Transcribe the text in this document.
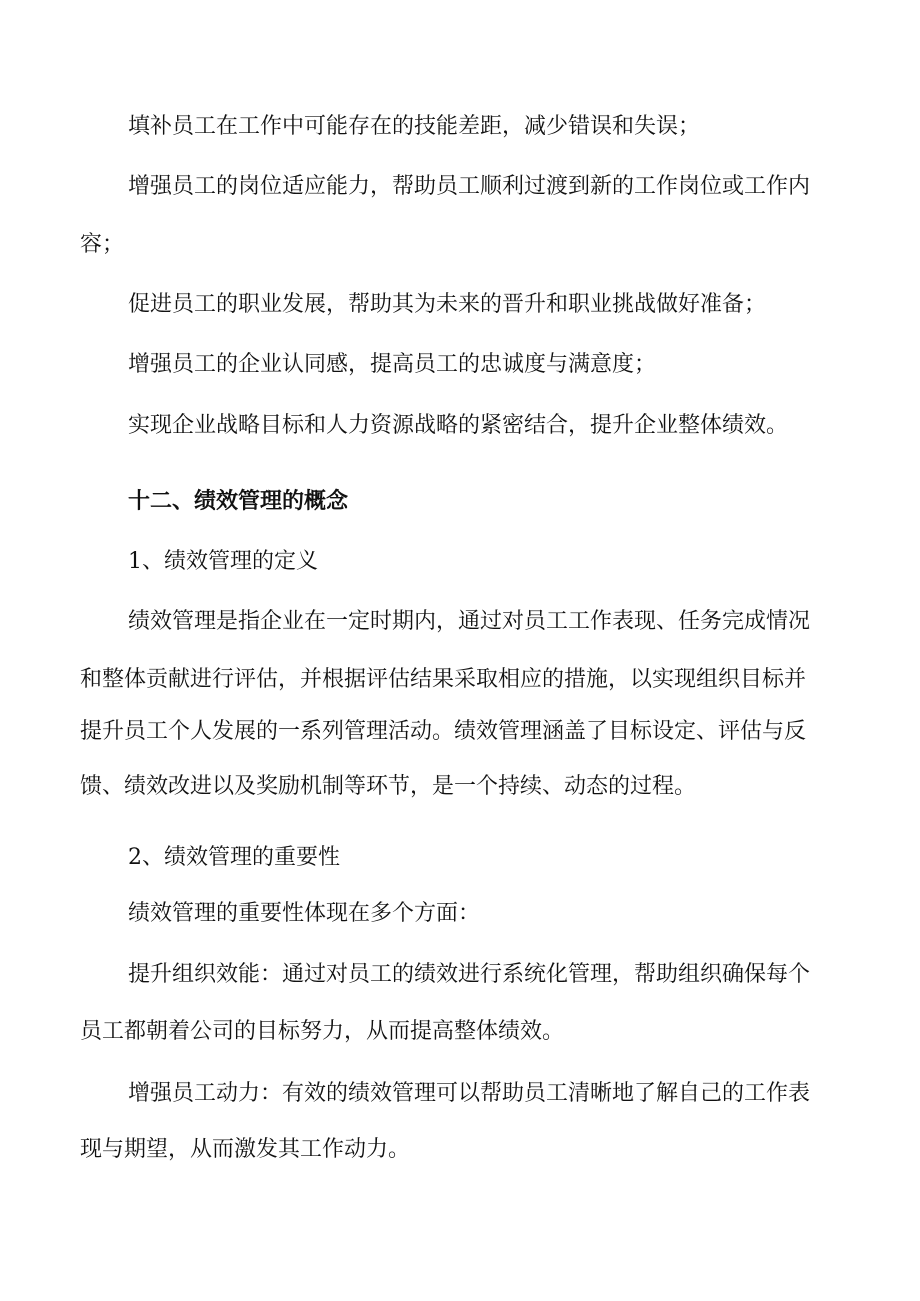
填补员工在工作中可能存在的技能差距，减少错误和失误；

增强员工的岗位适应能力，帮助员工顺利过渡到新的工作岗位或工作内

容；

促进员工的职业发展，帮助其为未来的晋升和职业挑战做好准备；

增强员工的企业认同感，提高员工的忠诚度与满意度；

实现企业战略目标和人力资源战略的紧密结合，提升企业整体绩效。

十二、绩效管理的概念

1、绩效管理的定义

绩效管理是指企业在一定时期内，通过对员工工作表现、任务完成情况

和整体贡献进行评估，并根据评估结果采取相应的措施，以实现组织目标并

提升员工个人发展的一系列管理活动。绩效管理涵盖了目标设定、评估与反

馈、绩效改进以及奖励机制等环节，是一个持续、动态的过程。

2、绩效管理的重要性

绩效管理的重要性体现在多个方面：

提升组织效能：通过对员工的绩效进行系统化管理，帮助组织确保每个

员工都朝着公司的目标努力，从而提高整体绩效。

增强员工动力：有效的绩效管理可以帮助员工清晰地了解自己的工作表

现与期望，从而激发其工作动力。
